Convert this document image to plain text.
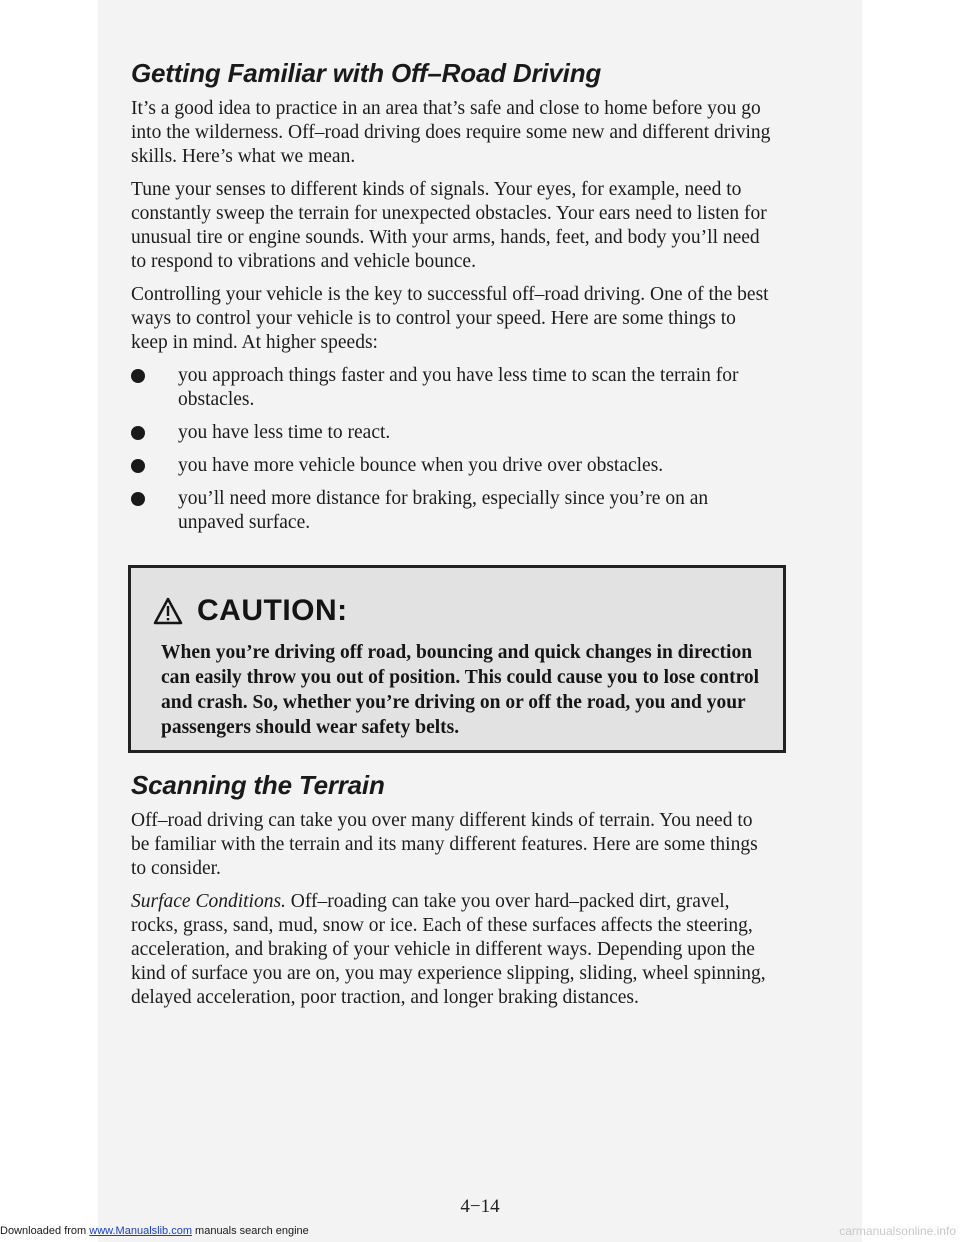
Getting Familiar with Off–Road Driving

It’s a good idea to practice in an area that’s safe and close to home before you go into the wilderness. Off–road driving does require some new and different driving skills. Here’s what we mean.

Tune your senses to different kinds of signals. Your eyes, for example, need to constantly sweep the terrain for unexpected obstacles. Your ears need to listen for unusual tire or engine sounds. With your arms, hands, feet, and body you’ll need to respond to vibrations and vehicle bounce.

Controlling your vehicle is the key to successful off–road driving. One of the best ways to control your vehicle is to control your speed. Here are some things to keep in mind. At higher speeds:

you approach things faster and you have less time to scan the terrain for obstacles.
you have less time to react.
you have more vehicle bounce when you drive over obstacles.
you’ll need more distance for braking, especially since you’re on an unpaved surface.
CAUTION:
When you’re driving off road, bouncing and quick changes in direction can easily throw you out of position. This could cause you to lose control and crash. So, whether you’re driving on or off the road, you and your passengers should wear safety belts.
Scanning the Terrain

Off–road driving can take you over many different kinds of terrain. You need to be familiar with the terrain and its many different features. Here are some things to consider.

Surface Conditions. Off–roading can take you over hard–packed dirt, gravel, rocks, grass, sand, mud, snow or ice. Each of these surfaces affects the steering, acceleration, and braking of your vehicle in different ways. Depending upon the kind of surface you are on, you may experience slipping, sliding, wheel spinning, delayed acceleration, poor traction, and longer braking distances.

4−14
Downloaded from www.Manualslib.com manuals search engine	carmanualsonline.info
